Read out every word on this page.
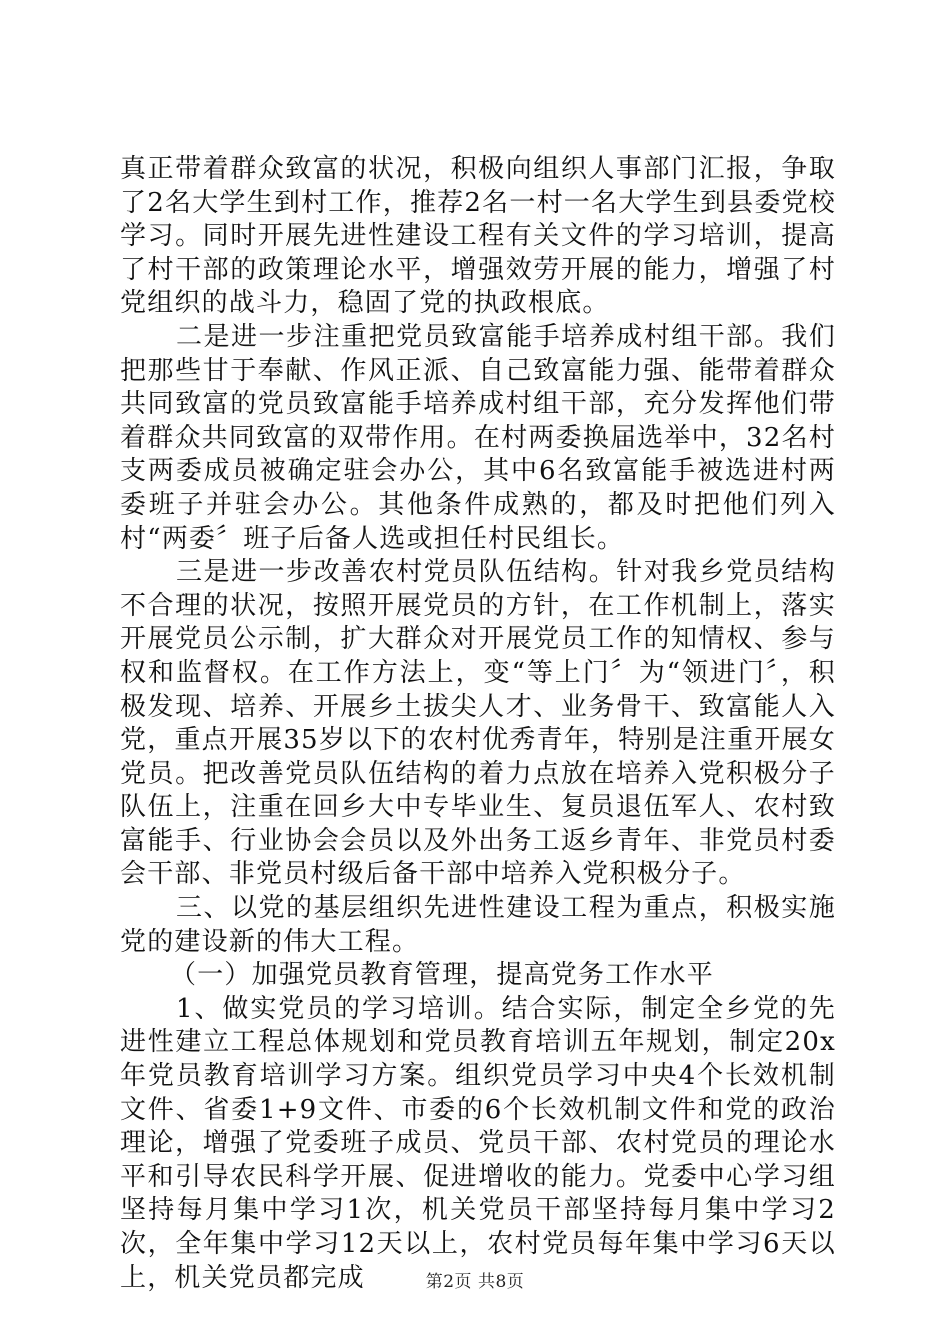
真正带着群众致富的状况，积极向组织人事部门汇报，争取了2名大学生到村工作，推荐2名一村一名大学生到县委党校学习。同时开展先进性建设工程有关文件的学习培训，提高了村干部的政策理论水平，增强效劳开展的能力，增强了村党组织的战斗力，稳固了党的执政根底。

二是进一步注重把党员致富能手培养成村组干部。我们把那些甘于奉献、作风正派、自己致富能力强、能带着群众共同致富的党员致富能手培养成村组干部，充分发挥他们带着群众共同致富的双带作用。在村两委换届选举中，32名村支两委成员被确定驻会办公，其中6名致富能手被选进村两委班子并驻会办公。其他条件成熟的，都及时把他们列入村“两委〞班子后备人选或担任村民组长。

三是进一步改善农村党员队伍结构。针对我乡党员结构不合理的状况，按照开展党员的方针，在工作机制上，落实开展党员公示制，扩大群众对开展党员工作的知情权、参与权和监督权。在工作方法上，变“等上门〞为“领进门〞，积极发现、培养、开展乡土拔尖人才、业务骨干、致富能人入党，重点开展35岁以下的农村优秀青年，特别是注重开展女党员。把改善党员队伍结构的着力点放在培养入党积极分子队伍上，注重在回乡大中专毕业生、复员退伍军人、农村致富能手、行业协会会员以及外出务工返乡青年、非党员村委会干部、非党员村级后备干部中培养入党积极分子。

三、以党的基层组织先进性建设工程为重点，积极实施党的建设新的伟大工程。

（一）加强党员教育管理，提高党务工作水平

1、做实党员的学习培训。结合实际，制定全乡党的先进性建立工程总体规划和党员教育培训五年规划，制定20x年党员教育培训学习方案。组织党员学习中央4个长效机制文件、省委1+9文件、市委的6个长效机制文件和党的政治理论，增强了党委班子成员、党员干部、农村党员的理论水平和引导农民科学开展、促进增收的能力。党委中心学习组坚持每月集中学习1次，机关党员干部坚持每月集中学习2次，全年集中学习12天以上，农村党员每年集中学习6天以上，机关党员都完成	第2页 共8页
